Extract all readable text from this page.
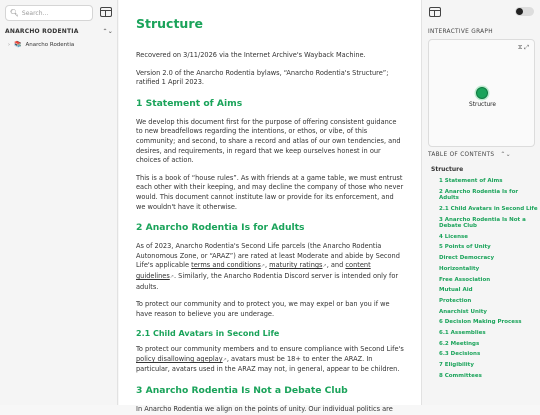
🔍︎
Search...
ANARCHO RODENTIA	⌃⌄
› 📚 Anarcho Rodentia
Structure

Recovered on 3/11/2026 via the Internet Archive's Wayback Machine.

Version 2.0 of the Anarcho Rodentia bylaws, “Anarcho Rodentia's Structure”; ratified 1 April 2023.

1 Statement of Aims

We develop this document first for the purpose of offering consistent guidance to new breadfellows regarding the intentions, or ethos, or vibe, of this community; and second, to share a record and atlas of our own tendencies, and desires, and requirements, in regard that we keep ourselves honest in our choices of action.

This is a book of “house rules”. As with friends at a game table, we must entrust each other with their keeping, and may decline the company of those who never would. This document cannot institute law or provide for its enforcement, and we wouldn't have it otherwise.

2 Anarcho Rodentia Is for Adults

As of 2023, Anarcho Rodentia's Second Life parcels (the Anarcho Rodentia Autonomous Zone, or “ARAZ”) are rated at least Moderate and abide by Second Life's applicable terms and conditions↗, maturity ratings↗, and content guidelines↗. Similarly, the Anarcho Rodentia Discord server is intended only for adults.

To protect our community and to protect you, we may expel or ban you if we have reason to believe you are underage.

2.1 Child Avatars in Second Life

To protect our community members and to ensure compliance with Second Life's policy disallowing ageplay↗, avatars must be 18+ to enter the ARAZ. In particular, avatars used in the ARAZ may not, in general, appear to be children.

3 Anarcho Rodentia Is Not a Debate Club

In Anarcho Rodentia we align on the points of unity. Our individual politics are

INTERACTIVE GRAPH
⧖ ⤢
Structure
TABLE OF CONTENTS ⌃⌄
Structure
1 Statement of Aims
2 Anarcho Rodentia Is for Adults
2.1 Child Avatars in Second Life
3 Anarcho Rodentia Is Not a Debate Club
4 License
5 Points of Unity
Direct Democracy
Horizontality
Free Association
Mutual Aid
Protection
Anarchist Unity
6 Decision Making Process
6.1 Assemblies
6.2 Meetings
6.3 Decisions
7 Eligibility
8 Committees
